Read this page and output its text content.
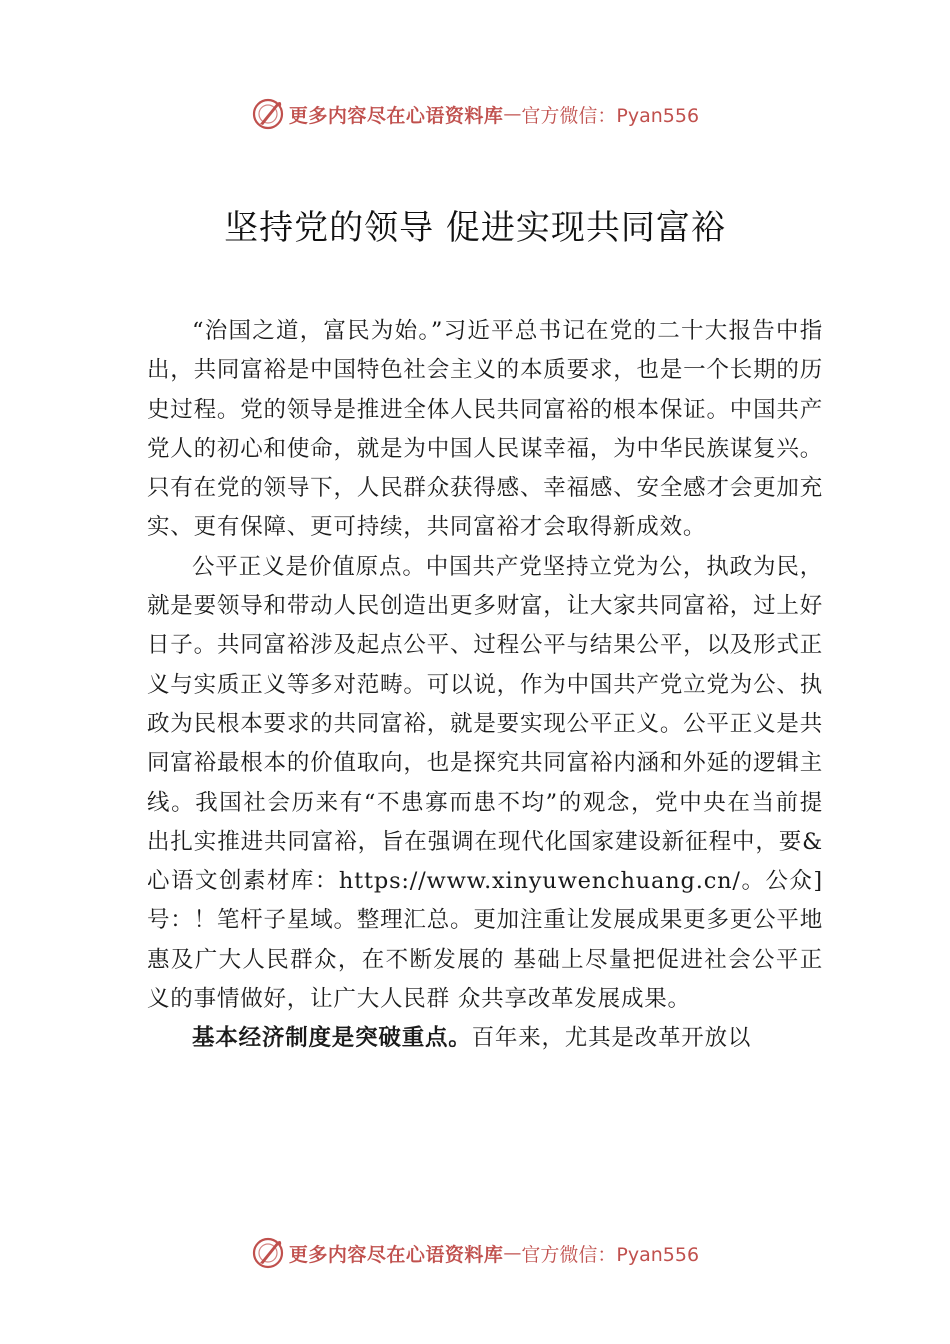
更多内容尽在心语资料库 — 官方微信：Pyan556
坚持党的领导 促进实现共同富裕

“治国之道，富民为始。”习近平总书记在党的二十大报告中指出，共同富裕是中国特色社会主义的本质要求，也是一个长期的历史过程。党的领导是推进全体人民共同富裕的根本保证。中国共产党人的初心和使命，就是为中国人民谋幸福，为中华民族谋复兴。只有在党的领导下，人民群众获得感、幸福感、安全感才会更加充实、更有保障、更可持续，共同富裕才会取得新成效。

公平正义是价值原点。中国共产党坚持立党为公，执政为民，就是要领导和带动人民创造出更多财富，让大家共同富裕，过上好日子。共同富裕涉及起点公平、过程公平与结果公平，以及形式正义与实质正义等多对范畴。可以说，作为中国共产党立党为公、执政为民根本要求的共同富裕，就是要实现公平正义。公平正义是共同富裕最根本的价值取向，也是探究共同富裕内涵和外延的逻辑主线。我国社会历来有“不患寡而患不均”的观念，党中央在当前提出扎实推进共同富裕，旨在强调在现代化国家建设新征程中，要&心语文创素材库：https://www.xinyuwenchuang.cn/。公众]号：！笔杆子星域。整理汇总。更加注重让发展成果更多更公平地惠及广大人民群众，在不断发展的 基础上尽量把促进社会公平正义的事情做好，让广大人民群 众共享改革发展成果。

基本经济制度是突破重点。百年来，尤其是改革开放以

更多内容尽在心语资料库 — 官方微信：Pyan556
